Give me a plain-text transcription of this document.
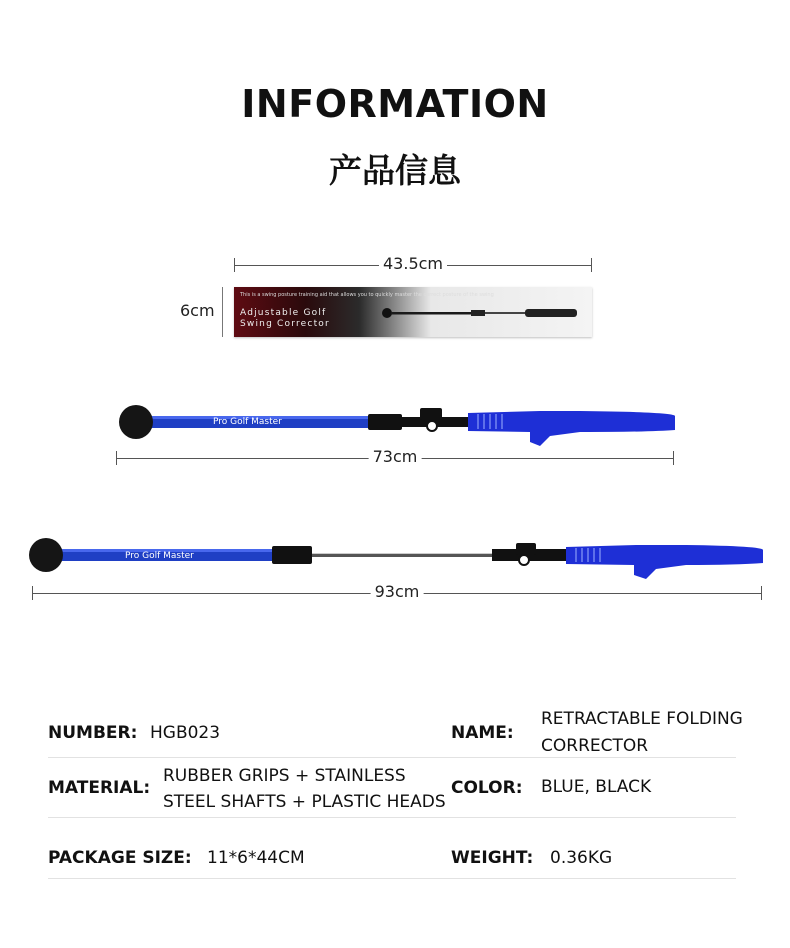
INFORMATION
产品信息
43.5cm
6cm
This is a swing posture training aid that allows you to quickly master the correct posture of the swing
Adjustable Golf
Swing Corrector
Pro Golf Master
73cm
Pro Golf Master
93cm
NUMBER: HGB023	NAME:
RETRACTABLE FOLDING
CORRECTOR
MATERIAL:
RUBBER GRIPS + STAINLESS
STEEL SHAFTS + PLASTIC HEADS
COLOR: BLUE, BLACK
PACKAGE SIZE: 11*6*44CM	WEIGHT: 0.36KG
